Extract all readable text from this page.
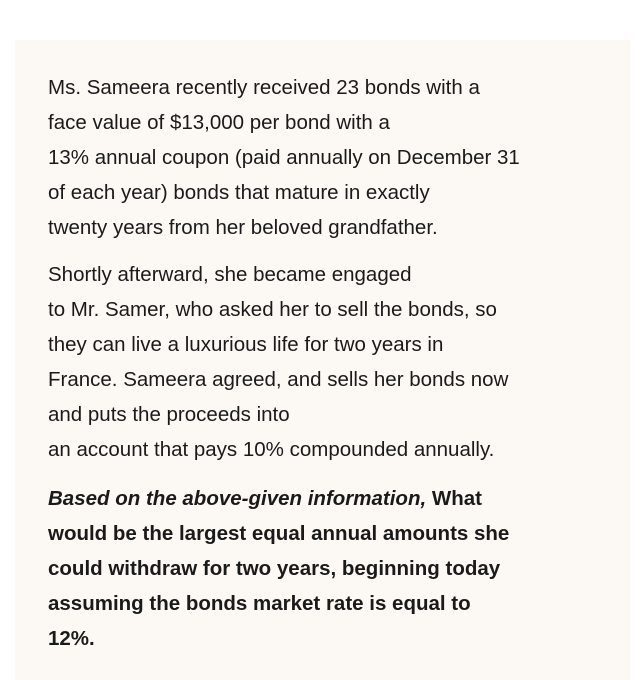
Ms. Sameera recently received 23 bonds with a
face value of $13,000 per bond with a
13% annual coupon (paid annually on December 31
of each year) bonds that mature in exactly
twenty years from her beloved grandfather.
Shortly afterward, she became engaged
to Mr. Samer, who asked her to sell the bonds, so
they can live a luxurious life for two years in
France. Sameera agreed, and sells her bonds now
and puts the proceeds into
an account that pays 10% compounded annually.
Based on the above-given information, What
would be the largest equal annual amounts she
could withdraw for two years, beginning today
assuming the bonds market rate is equal to
12%.
